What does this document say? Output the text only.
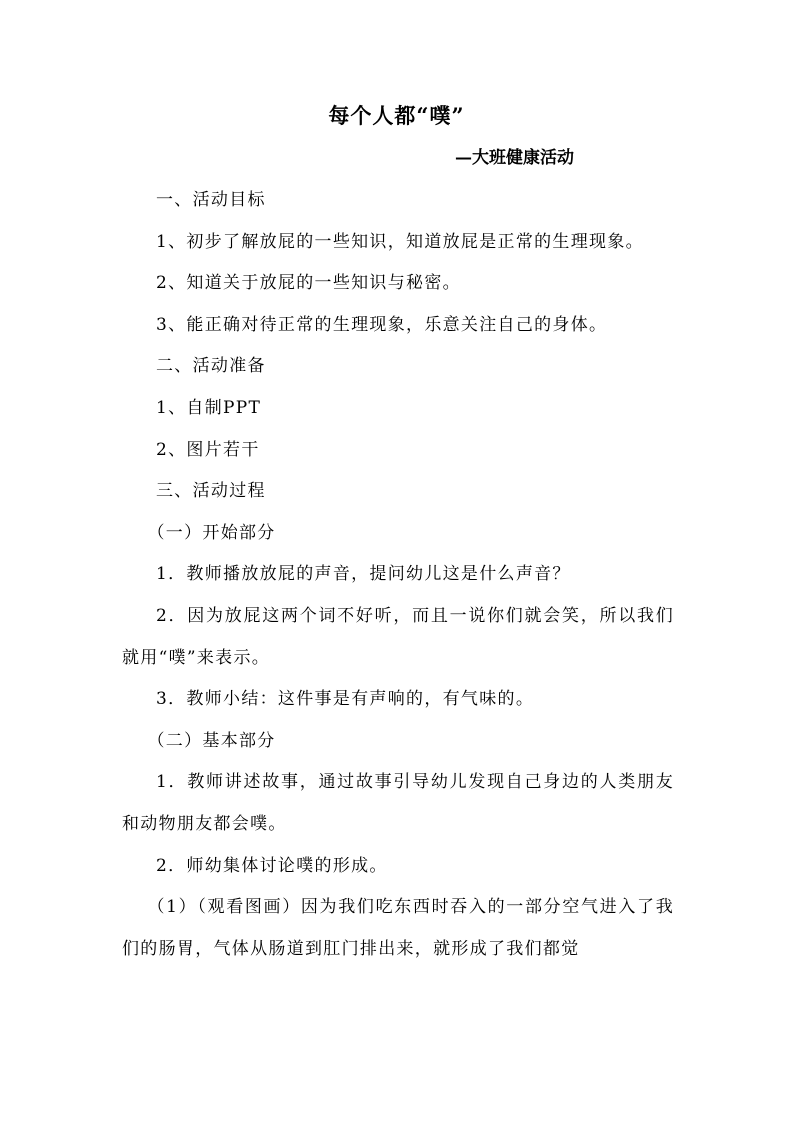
每个人都“噗”
—大班健康活动

一、活动目标

1、初步了解放屁的一些知识，知道放屁是正常的生理现象。

2、知道关于放屁的一些知识与秘密。

3、能正确对待正常的生理现象，乐意关注自己的身体。

二、活动准备

1、自制PPT

2、图片若干

三、活动过程

（一）开始部分

1．教师播放放屁的声音，提问幼儿这是什么声音？

2．因为放屁这两个词不好听，而且一说你们就会笑，所以我们就用“噗”来表示。

3．教师小结：这件事是有声响的，有气味的。

（二）基本部分

1．教师讲述故事，通过故事引导幼儿发现自己身边的人类朋友和动物朋友都会噗。

2．师幼集体讨论噗的形成。

（1）（观看图画）因为我们吃东西时吞入的一部分空气进入了我们的肠胃，气体从肠道到肛门排出来，就形成了我们都觉
